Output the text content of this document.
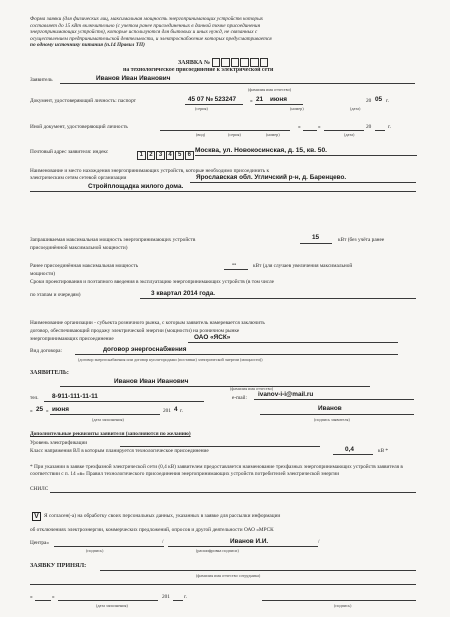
Форма заявки (для физических лиц, максимальная мощность энергопринимающих устройств которых
составляет до 15 кВт включительно (с учетом ранее присоединенных в данной точке присоединения
энергопринимающих устройств), которые используются для бытовых и иных нужд, не связанных с
осуществлением предпринимательской деятельности, и электроснабжение которых предусматривается
по одному источнику питания (п.14 Правил ТП)
ЗАЯВКА №
на технологическое присоединение к электрической сети
Заявитель	Иванов Иван Иванович
(фамилия имя отчество)
Документ, удостоверяющий личность: паспорт	45 07 № 523247	« 21 июня	20 05 г.
(серия)	(номер)	(дата)
Иной документ, удостоверяющий личность	«	»	20	г.
(вид)	(серия)	(номер)	(дата)
Почтовый адрес заявителя: индекс	1 2 3 4 5 6
Москва, ул. Новокосинская, д. 15, кв. 50.
Наименование и место нахождения энергопринимающих устройств, которые необходимо присоединить к
электрическим сетям сетевой организации	Ярославская обл. Угличский р-н, д. Баренцево.
Стройплощадка жилого дома.
Запрашиваемая максимальная мощность энергопринимающих устройств	15	кВт (без учёта ранее
присоединённой максимальной мощности)
Ранее присоединённая максимальная мощность	--	кВт (для случаев увеличения максимальной
мощности)
Сроки проектирования и поэтапного введения в эксплуатацию энергопринимающих устройств (в том числе
по этапам и очередям)	3 квартал 2014 года.
Наименование организации - субъекта розничного рынка, с которым заявитель намеревается заключить
договор, обеспечивающий продажу электрической энергии (мощности) на розничном рынке
энергопринимающих присоединение	ОАО «ЯСК»
Вид договора:	договор энергоснабжения
(договор энергоснабжения или договор купли-продажи (поставки) электрической энергии (мощности))
ЗАЯВИТЕЛЬ:
Иванов Иван Иванович
(фамилия имя отчество)
тел. 8-911-111-11-11	e-mail: ivanov-i-i@mail.ru
« 25 » июня	201 4 г.
(дата заполнения)
Иванов
(подпись заявителя)
Дополнительные реквизиты заявителя (заполняются по желанию)
Уровень электрификации
Класс напряжения ВЛ в которым планируется технологическое присоединение	0,4	кВ *
* При указании в заявке трехфазной электрической сети (0,4 кВ) заявителем предоставляется наименование трехфазных энергопринимающих устройств заявителя в соответствии с п. 14 «в» Правил технологического присоединения энергопринимающих устройств потребителей электрической энергии
СНИЛС
V Я согласен(-а) на обработку своих персональных данных, указанных в заявке для рассылки информации
об отключениях электроэнергии, коммерческих предложений, опросов и другой деятельности ОАО «МРСК
Центра»	/	Иванов И.И.	/
(подпись)	(расшифровка подписи)
ЗАЯВКУ ПРИНЯЛ:
(фамилия имя отчество сотрудника)
«	»	201	г.
(дата заполнения)	(подпись)
